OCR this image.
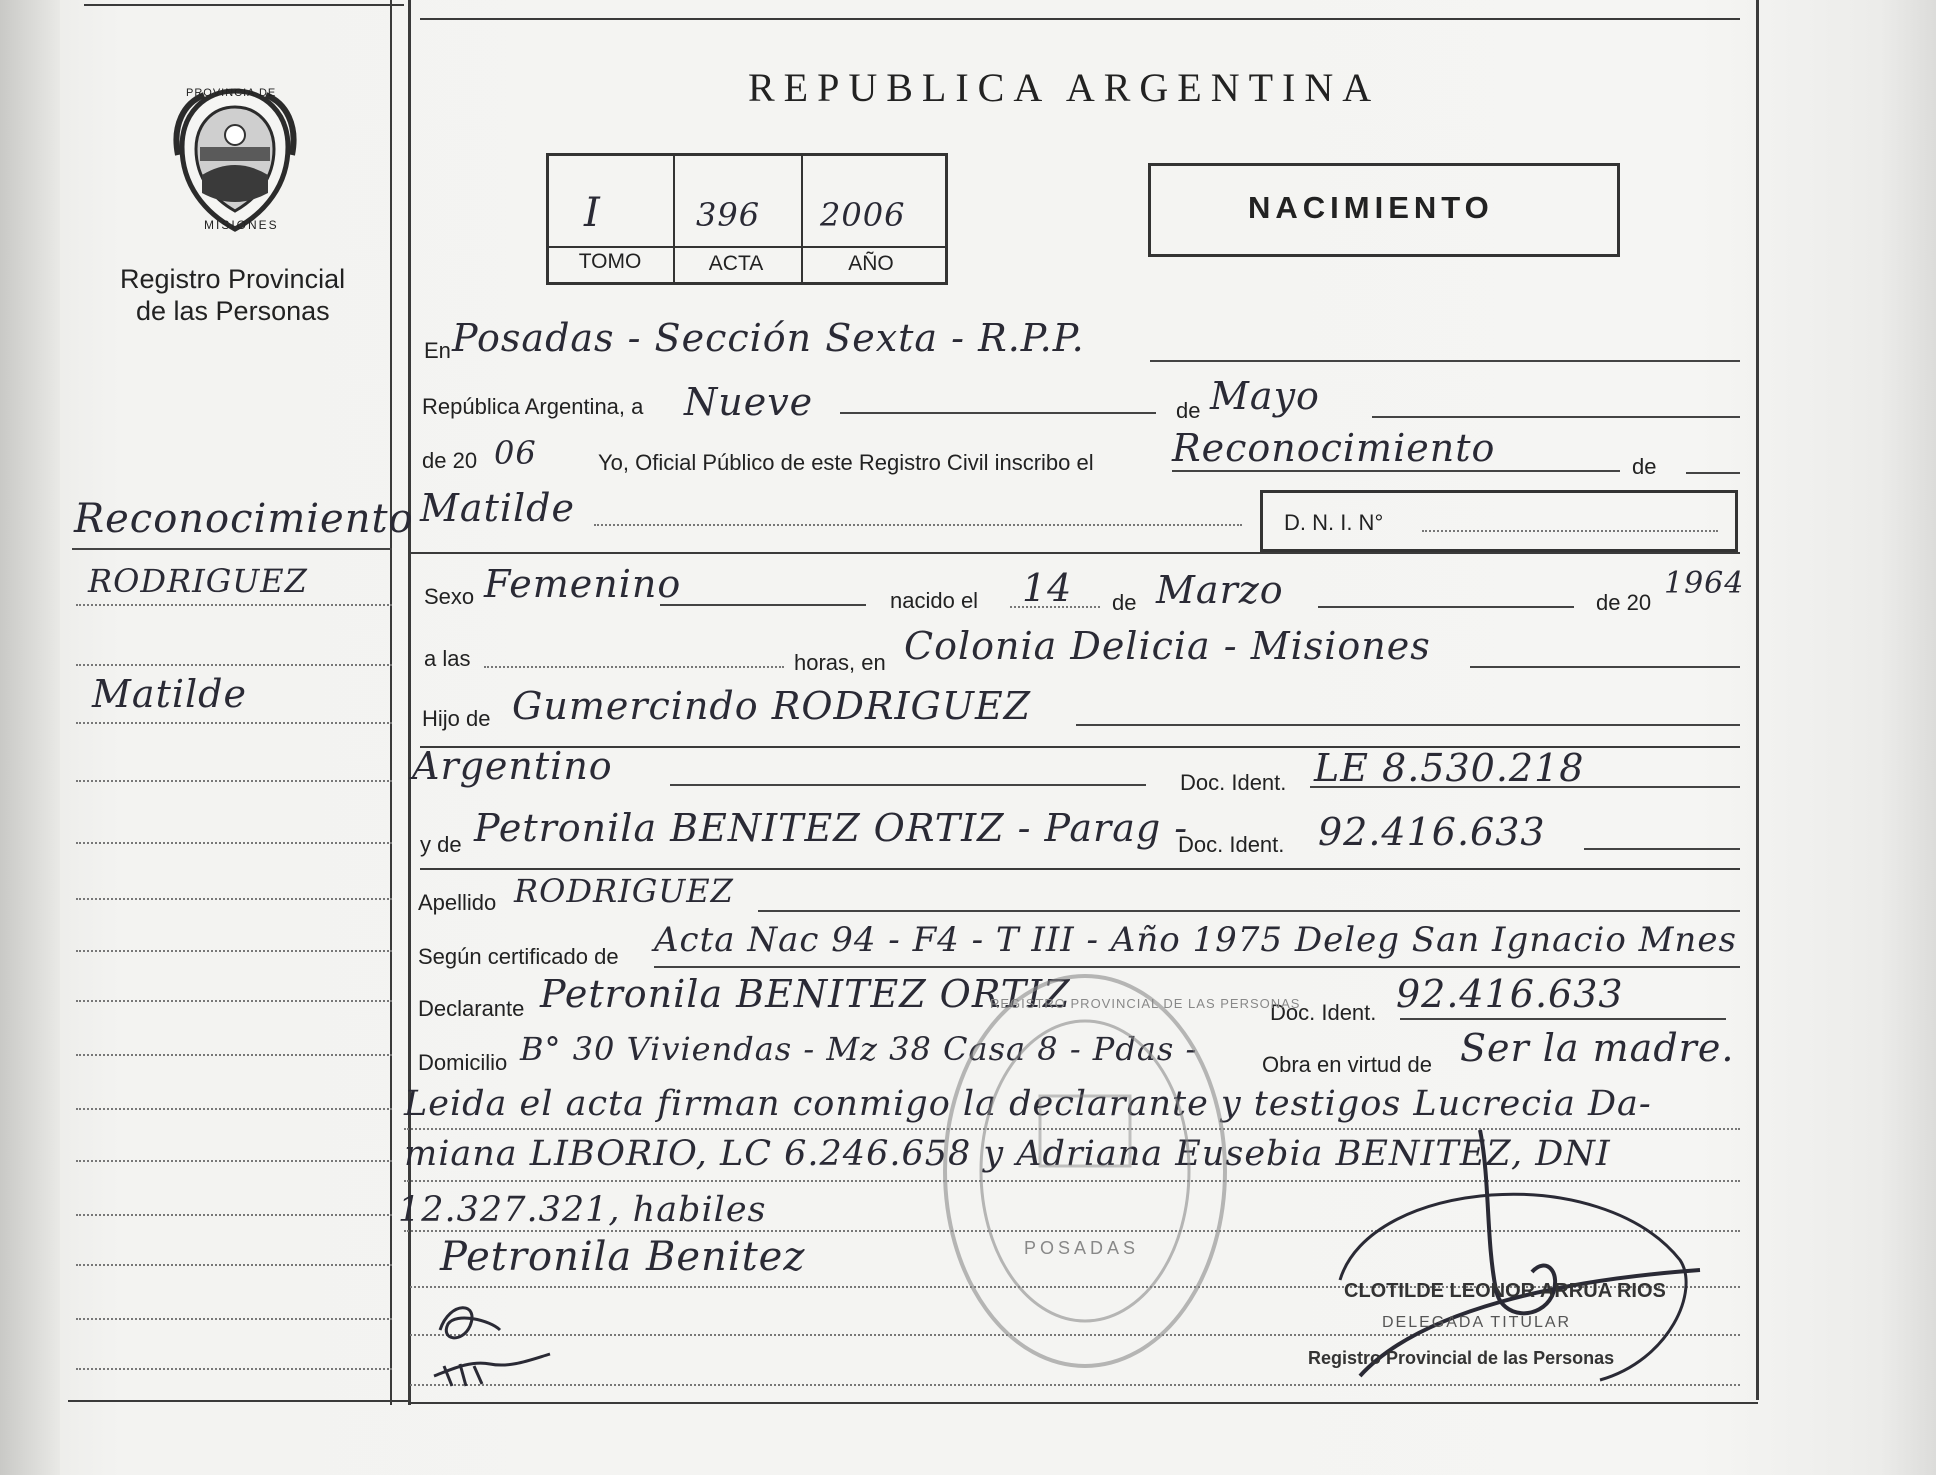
PROVINCIA DE
MISIONES
Registro Provincial
de las Personas
REPUBLICA ARGENTINA
I	396 2006
TOMO	ACTA	AÑO
NACIMIENTO
Reconocimiento
RODRIGUEZ
Matilde
En Posadas - Sección Sexta - R.P.P.
República Argentina, a Nueve	de Mayo
de 20 06	Yo, Oficial Público de este Registro Civil inscribo el Reconocimiento	de
Matilde	D. N. I. N°
Sexo Femenino	nacido el 14 de Marzo	de 20
1964
a las	horas, en Colonia Delicia - Misiones
Hijo de Gumercindo RODRIGUEZ
Argentino	Doc. Ident. LE 8.530.218
y de Petronila BENITEZ ORTIZ - Parag -
Doc. Ident. 92.416.633
Apellido RODRIGUEZ
Según certificado de Acta Nac 94 - F4 - T III - Año 1975 Deleg San Ignacio Mnes
Declarante Petronila BENITEZ ORTIZ	Doc. Ident. 92.416.633
Domicilio B° 30 Viviendas - Mz 38 Casa 8 - Pdas -	Obra en virtud de Ser la madre.
Leida el acta firman conmigo la declarante y testigos Lucrecia Da-
miana LIBORIO, LC 6.246.658 y Adriana Eusebia BENITEZ, DNI
12.327.321, habiles
Petronila Benitez
REGISTRO PROVINCIAL DE LAS PERSONAS
POSADAS
CLOTILDE LEONOR ARRUA RIOS
DELEGADA TITULAR
Registro Provincial de las Personas
